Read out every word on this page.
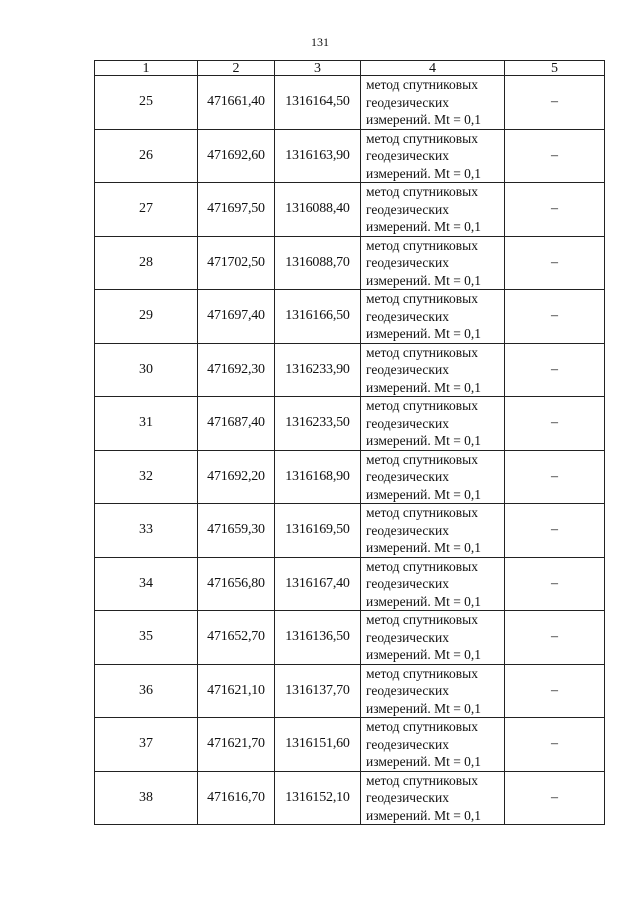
131
1	2	3	4	5
25	471661,40	1316164,50	метод спутниковых
геодезических
измерений. Mt = 0,1	–
26	471692,60	1316163,90	метод спутниковых
геодезических
измерений. Mt = 0,1	–
27	471697,50	1316088,40	метод спутниковых
геодезических
измерений. Mt = 0,1	–
28	471702,50	1316088,70	метод спутниковых
геодезических
измерений. Mt = 0,1	–
29	471697,40	1316166,50	метод спутниковых
геодезических
измерений. Mt = 0,1	–
30	471692,30	1316233,90	метод спутниковых
геодезических
измерений. Mt = 0,1	–
31	471687,40	1316233,50	метод спутниковых
геодезических
измерений. Mt = 0,1	–
32	471692,20	1316168,90	метод спутниковых
геодезических
измерений. Mt = 0,1	–
33	471659,30	1316169,50	метод спутниковых
геодезических
измерений. Mt = 0,1	–
34	471656,80	1316167,40	метод спутниковых
геодезических
измерений. Mt = 0,1	–
35	471652,70	1316136,50	метод спутниковых
геодезических
измерений. Mt = 0,1	–
36	471621,10	1316137,70	метод спутниковых
геодезических
измерений. Mt = 0,1	–
37	471621,70	1316151,60	метод спутниковых
геодезических
измерений. Mt = 0,1	–
38	471616,70	1316152,10	метод спутниковых
геодезических
измерений. Mt = 0,1	–
